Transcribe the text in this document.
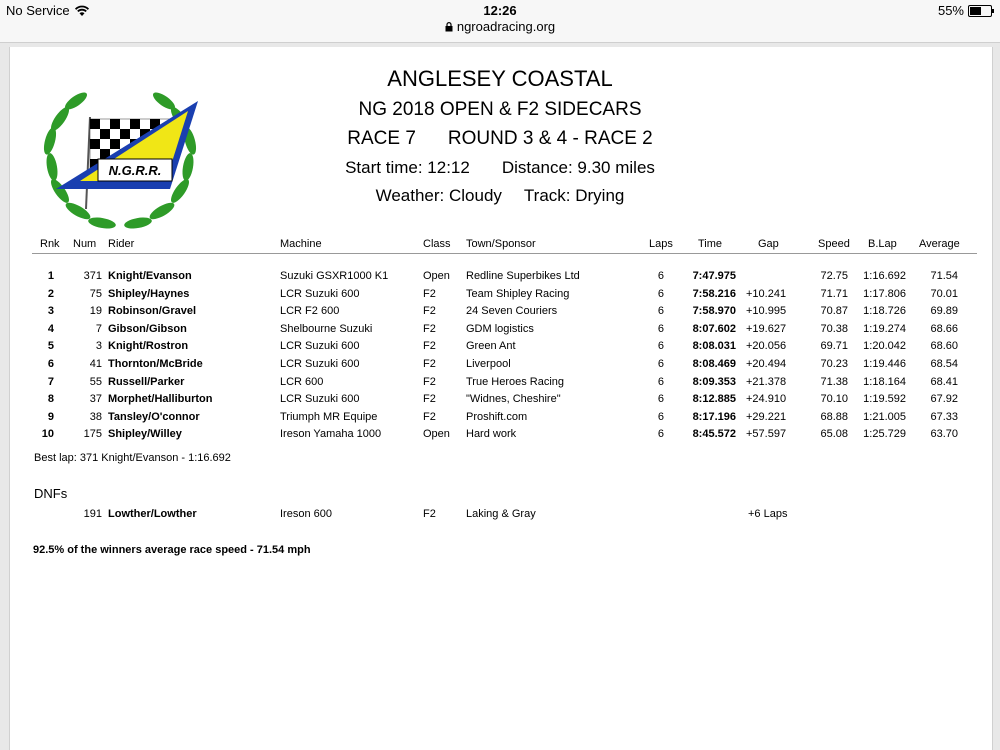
No Service	12:26
ngroadracing.org
55%
N.G.R.R.
ANGLESEY COASTAL
NG 2018 OPEN & F2 SIDECARS
RACE 7 ROUND 3 & 4 - RACE 2
Start time: 12:12 Distance: 9.30 miles
Weather: Cloudy Track: Drying
Rnk Num Rider	Machine	Class Town/Sponsor	Laps Time	Gap	Speed B.Lap Average
1	371 Knight/Evanson	Suzuki GSXR1000 K1	Open Redline Superbikes Ltd	6	7:47.975	72.75 1:16.692	71.54
2	75 Shipley/Haynes	LCR Suzuki 600	F2	Team Shipley Racing	6	7:58.216 +10.241	71.71 1:17.806	70.01
3	19 Robinson/Gravel	LCR F2 600	F2	24 Seven Couriers	6	7:58.970 +10.995	70.87 1:18.726	69.89
4	7 Gibson/Gibson	Shelbourne Suzuki	F2	GDM logistics	6	8:07.602 +19.627	70.38 1:19.274	68.66
5	3 Knight/Rostron	LCR Suzuki 600	F2	Green Ant	6	8:08.031 +20.056	69.71 1:20.042	68.60
6	41 Thornton/McBride	LCR Suzuki 600	F2	Liverpool	6	8:08.469 +20.494	70.23 1:19.446	68.54
7	55 Russell/Parker	LCR 600	F2	True Heroes Racing	6	8:09.353 +21.378	71.38 1:18.164	68.41
8	37 Morphet/Halliburton	LCR Suzuki 600	F2	"Widnes, Cheshire"	6	8:12.885 +24.910	70.10 1:19.592	67.92
9	38 Tansley/O'connor	Triumph MR Equipe	F2	Proshift.com	6	8:17.196 +29.221	68.88 1:21.005	67.33
10	175 Shipley/Willey	Ireson Yamaha 1000	Open Hard work	6	8:45.572 +57.597	65.08 1:25.729	63.70
Best lap: 371 Knight/Evanson - 1:16.692
DNFs
191 Lowther/Lowther	Ireson 600	F2	Laking & Gray	+6 Laps
92.5% of the winners average race speed - 71.54 mph
